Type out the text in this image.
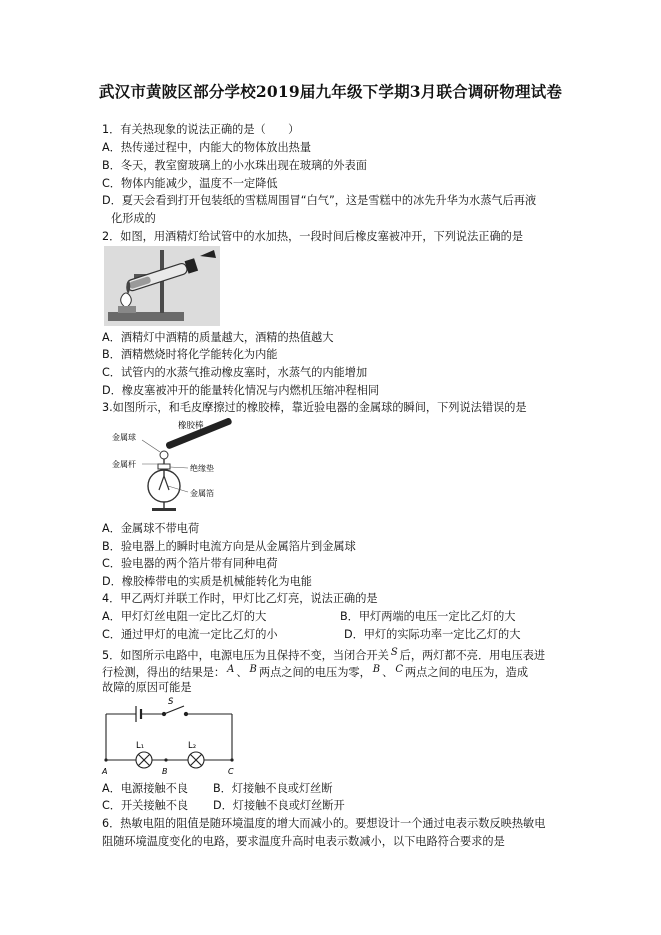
武汉市黄陂区部分学校2019届九年级下学期3月联合调研物理试卷
1．有关热现象的说法正确的是（　　）
A．热传递过程中，内能大的物体放出热量
B．冬天，教室窗玻璃上的小水珠出现在玻璃的外表面
C．物体内能减少，温度不一定降低
D．夏天会看到打开包装纸的雪糕周围冒“白气”，这是雪糕中的冰先升华为水蒸气后再液
化形成的
2．如图，用酒精灯给试管中的水加热，一段时间后橡皮塞被冲开，下列说法正确的是
A．酒精灯中酒精的质量越大，酒精的热值越大
B．酒精燃烧时将化学能转化为内能
C．试管内的水蒸气推动橡皮塞时，水蒸气的内能增加
D．橡皮塞被冲开的能量转化情况与内燃机压缩冲程相同
3.如图所示，和毛皮摩擦过的橡胶棒，靠近验电器的金属球的瞬间，下列说法错误的是
橡胶棒
金属球
金属杆	绝缘垫
金属箔
A．金属球不带电荷
B．验电器上的瞬时电流方向是从金属箔片到金属球
C．验电器的两个箔片带有同种电荷
D．橡胶棒带电的实质是机械能转化为电能
4．甲乙两灯并联工作时，甲灯比乙灯亮，说法正确的是
A．甲灯灯丝电阻一定比乙灯的大	B．甲灯两端的电压一定比乙灯的大
C．通过甲灯的电流一定比乙灯的小	D．甲灯的实际功率一定比乙灯的大
5．如图所示电路中，电源电压为且保持不变，当闭合开关 S 后，两灯都不亮．用电压表进
行检测，得出的结果是： A 、 B 两点之间的电压为零， B 、 C 两点之间的电压为，造成
故障的原因可能是
S
L₁	L₂
A	B	C
A．电源接触不良 B．灯接触不良或灯丝断
C．开关接触不良 D．灯接触不良或灯丝断开
6．热敏电阻的阻值是随环境温度的增大而减小的。要想设计一个通过电表示数反映热敏电
阻随环境温度变化的电路，要求温度升高时电表示数减小，以下电路符合要求的是
